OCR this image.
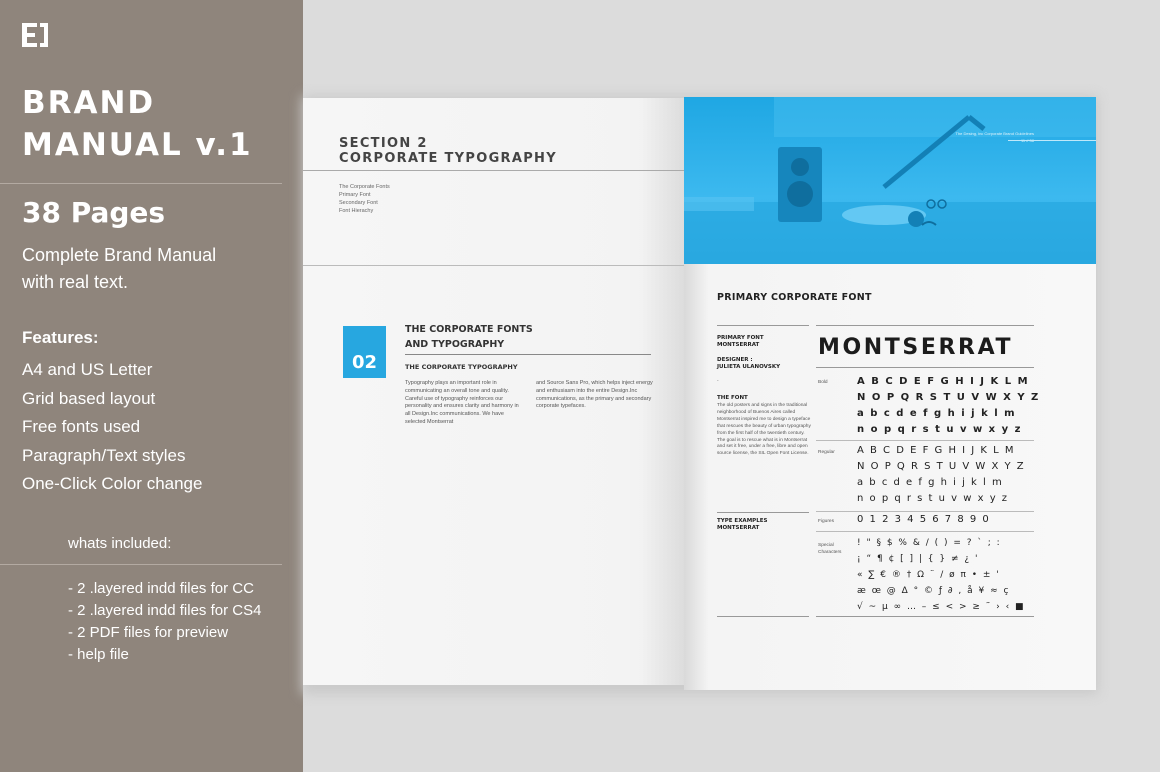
BRAND
MANUAL v.1
38 Pages
Complete Brand Manual
with real text.
Features:
A4 and US Letter
Grid based layout
Free fonts used
Paragraph/Text styles
One-Click Color change
whats included:
- 2 .layered indd files for CC
- 2 .layered indd files for CS4
- 2 PDF files for preview
- help file
SECTION 2
CORPORATE TYPOGRAPHY
The Corporate Fonts
Primary Font
Secondary Font
Font Hierachy
02
THE CORPORATE FONTS
AND TYPOGRAPHY
THE CORPORATE TYPOGRAPHY
Typography plays an important role in communicating an overall tone and quality. Careful use of typography reinforces our personality and ensures clarity and harmony in all Design.Inc communications. We have selected Montserrat
and Source Sans Pro, which helps inject energy and enthusiasm into the entire Design.Inc communications, as the primary and secondary corporate typefaces.
The Desing, inc Corporate Brand Guidelines
PRIMARY CORPORATE FONT
PRIMARY FONT
MONTSERRAT
DESIGNER :
JULIETA ULANOVSKY
-
THE FONT
The old posters and signs in the traditional neighborhood of Buenos Aires called Montserrat inspired me to design a typeface that rescues the beauty of urban typography from the first half of the twentieth century. The goal is to rescue what is in Montserrat and set it free, under a free, libre and open source license, the SIL Open Font License.
TYPE EXAMPLES
MONTSERRAT
MONTSERRAT
Bold	A B C D E F G H I J K L M
N O P Q R S T U V W X Y Z
a b c d e f g h i j k l m
n o p q r s t u v w x y z
Regular A B C D E F G H I J K L M
N O P Q R S T U V W X Y Z
a b c d e f g h i j k l m
n o p q r s t u v w x y z
Figures 0 1 2 3 4 5 6 7 8 9 0
Special
Characters
! " § $ % & / ( ) = ? ` ; :
¡ “ ¶ ¢ [ ] | { } ≠ ¿ '
« ∑ € ® † Ω ¨ / ø π • ± '
æ œ @ Δ ° © ƒ ∂ , å ¥ ≈ ç
√ ~ µ ∞ … – ≤ < > ≥ ˜ › ‹ ■
